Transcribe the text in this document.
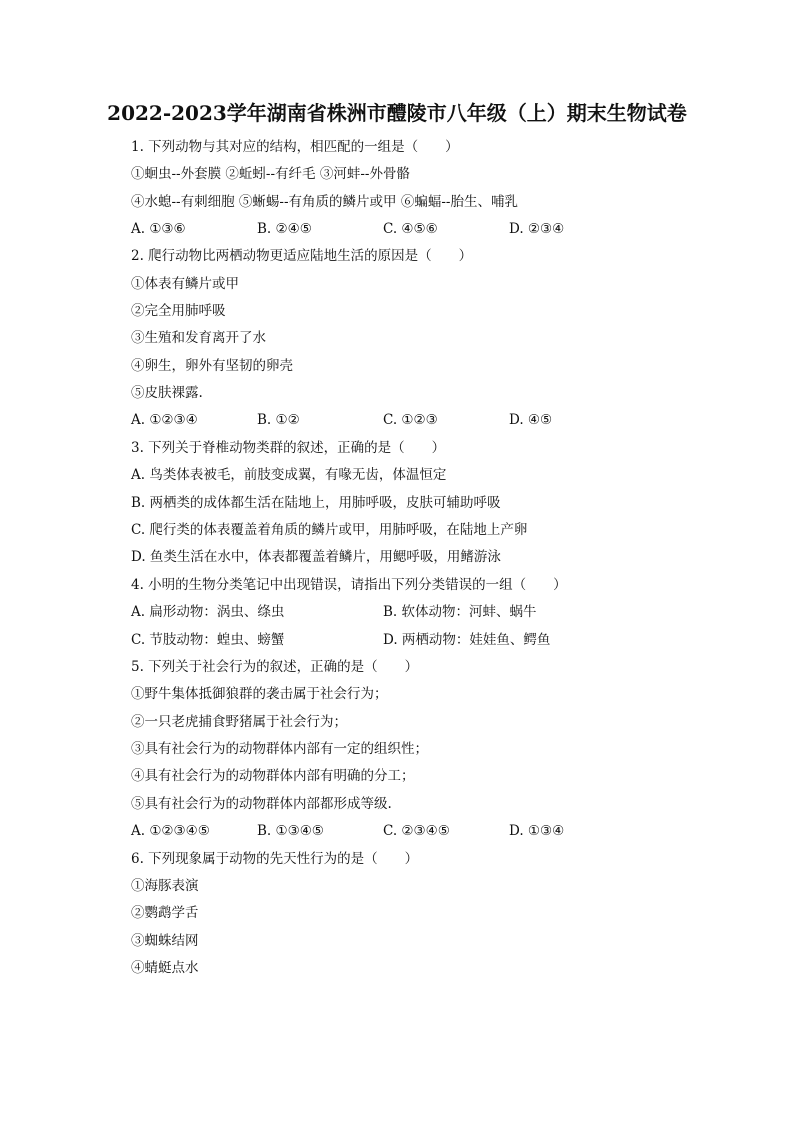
2022-2023学年湖南省株洲市醴陵市八年级（上）期末生物试卷
1. 下列动物与其对应的结构，相匹配的一组是（　　）
①蛔虫--外套膜 ②蚯蚓--有纤毛 ③河蚌--外骨骼
④水螅--有刺细胞 ⑤蜥蜴--有角质的鳞片或甲 ⑥蝙蝠--胎生、哺乳
A. ①③⑥	B. ②④⑤	C. ④⑤⑥	D. ②③④
2. 爬行动物比两栖动物更适应陆地生活的原因是（　　）
①体表有鳞片或甲
②完全用肺呼吸
③生殖和发育离开了水
④卵生，卵外有坚韧的卵壳
⑤皮肤裸露.
A. ①②③④	B. ①②	C. ①②③	D. ④⑤
3. 下列关于脊椎动物类群的叙述，正确的是（　　）
A. 鸟类体表被毛，前肢变成翼，有喙无齿，体温恒定
B. 两栖类的成体都生活在陆地上，用肺呼吸，皮肤可辅助呼吸
C. 爬行类的体表覆盖着角质的鳞片或甲，用肺呼吸，在陆地上产卵
D. 鱼类生活在水中，体表都覆盖着鳞片，用鳃呼吸，用鳍游泳
4. 小明的生物分类笔记中出现错误，请指出下列分类错误的一组（　　）
A. 扁形动物：涡虫、绦虫	B. 软体动物：河蚌、蜗牛
C. 节肢动物：蝗虫、螃蟹	D. 两栖动物：娃娃鱼、鳄鱼
5. 下列关于社会行为的叙述，正确的是（　　）
①野牛集体抵御狼群的袭击属于社会行为；
②一只老虎捕食野猪属于社会行为；
③具有社会行为的动物群体内部有一定的组织性；
④具有社会行为的动物群体内部有明确的分工；
⑤具有社会行为的动物群体内部都形成等级.
A. ①②③④⑤	B. ①③④⑤	C. ②③④⑤	D. ①③④
6. 下列现象属于动物的先天性行为的是（　　）
①海豚表演
②鹦鹉学舌
③蜘蛛结网
④蜻蜓点水
